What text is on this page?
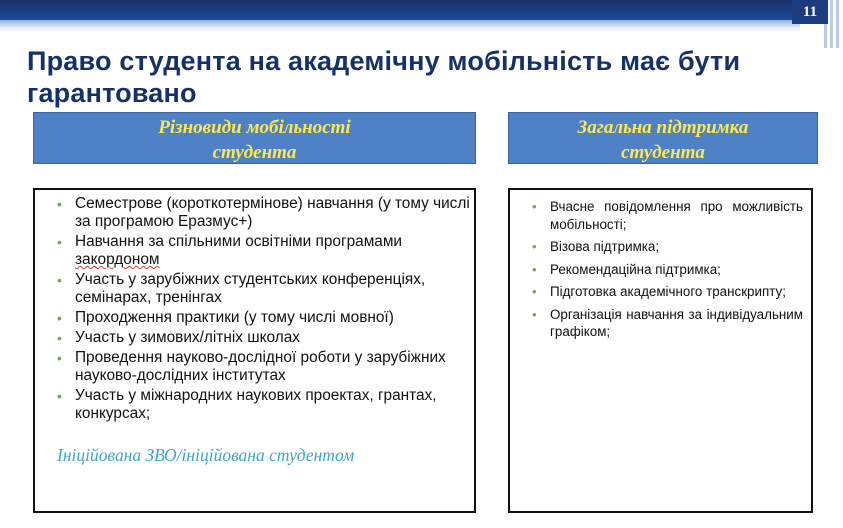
11
Право студента на академічну мобільність має бути гарантовано
Різновиди мобільності
студента
Загальна підтримка
студента
• Семестрове (короткотермінове) навчання (у тому числі за програмою Еразмус+)
• Навчання за спільними освітніми програмами закордоном
• Участь у зарубіжних студентських конференціях, семінарах, тренінгах
• Проходження практики (у тому числі мовної)
• Участь у зимових/літніх школах
• Проведення науково-дослідної роботи у зарубіжних науково-дослідних інститутах
• Участь у міжнародних наукових проектах, грантах, конкурсах;

Ініційована ЗВО/ініційована студентом

• Вчасне повідомлення про можливість мобільності;
• Візова підтримка;
• Рекомендаційна підтримка;
• Підготовка академічного транскрипту;
• Організація навчання за індивідуальним графіком;
